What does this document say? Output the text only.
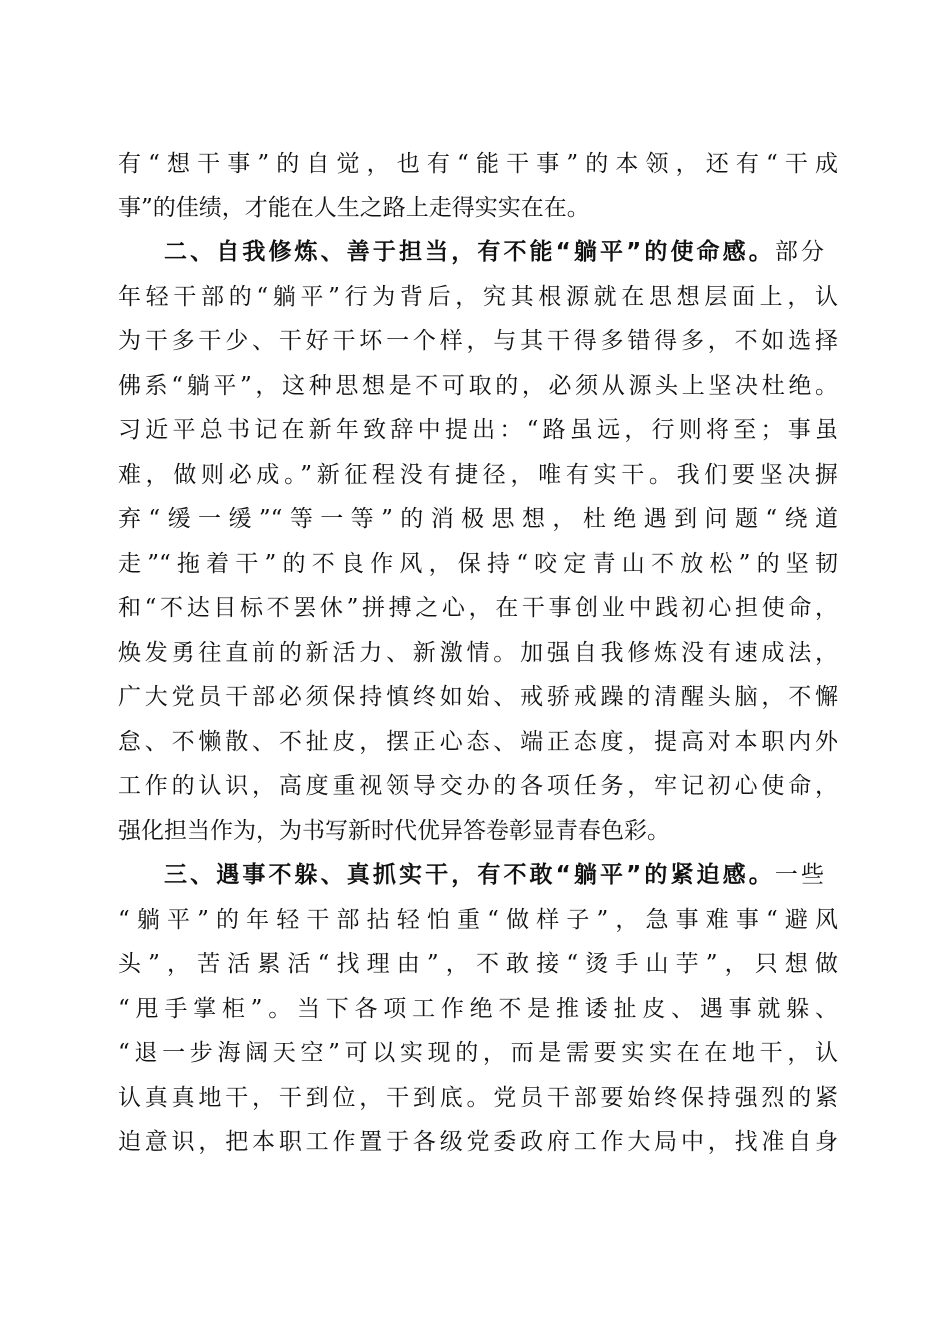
有“想干事”的自觉，也有“能干事”的本领，还有“干成
事”的佳绩，才能在人生之路上走得实实在在。
二、自我修炼、善于担当，有不能“躺平”的使命感。部分
年轻干部的“躺平”行为背后，究其根源就在思想层面上，认
为干多干少、干好干坏一个样，与其干得多错得多，不如选择
佛系“躺平”，这种思想是不可取的，必须从源头上坚决杜绝。
习近平总书记在新年致辞中提出：“路虽远，行则将至；事虽
难，做则必成。”新征程没有捷径，唯有实干。我们要坚决摒
弃“缓一缓”“等一等”的消极思想，杜绝遇到问题“绕道
走”“拖着干”的不良作风，保持“咬定青山不放松”的坚韧
和“不达目标不罢休”拼搏之心，在干事创业中践初心担使命，
焕发勇往直前的新活力、新激情。加强自我修炼没有速成法，
广大党员干部必须保持慎终如始、戒骄戒躁的清醒头脑，不懈
怠、不懒散、不扯皮，摆正心态、端正态度，提高对本职内外
工作的认识，高度重视领导交办的各项任务，牢记初心使命，
强化担当作为，为书写新时代优异答卷彰显青春色彩。
三、遇事不躲、真抓实干，有不敢“躺平”的紧迫感。一些
“躺平”的年轻干部拈轻怕重“做样子”，急事难事“避风
头”，苦活累活“找理由”，不敢接“烫手山芋”，只想做
“甩手掌柜”。当下各项工作绝不是推诿扯皮、遇事就躲、
“退一步海阔天空”可以实现的，而是需要实实在在地干，认
认真真地干，干到位，干到底。党员干部要始终保持强烈的紧
迫意识，把本职工作置于各级党委政府工作大局中，找准自身
